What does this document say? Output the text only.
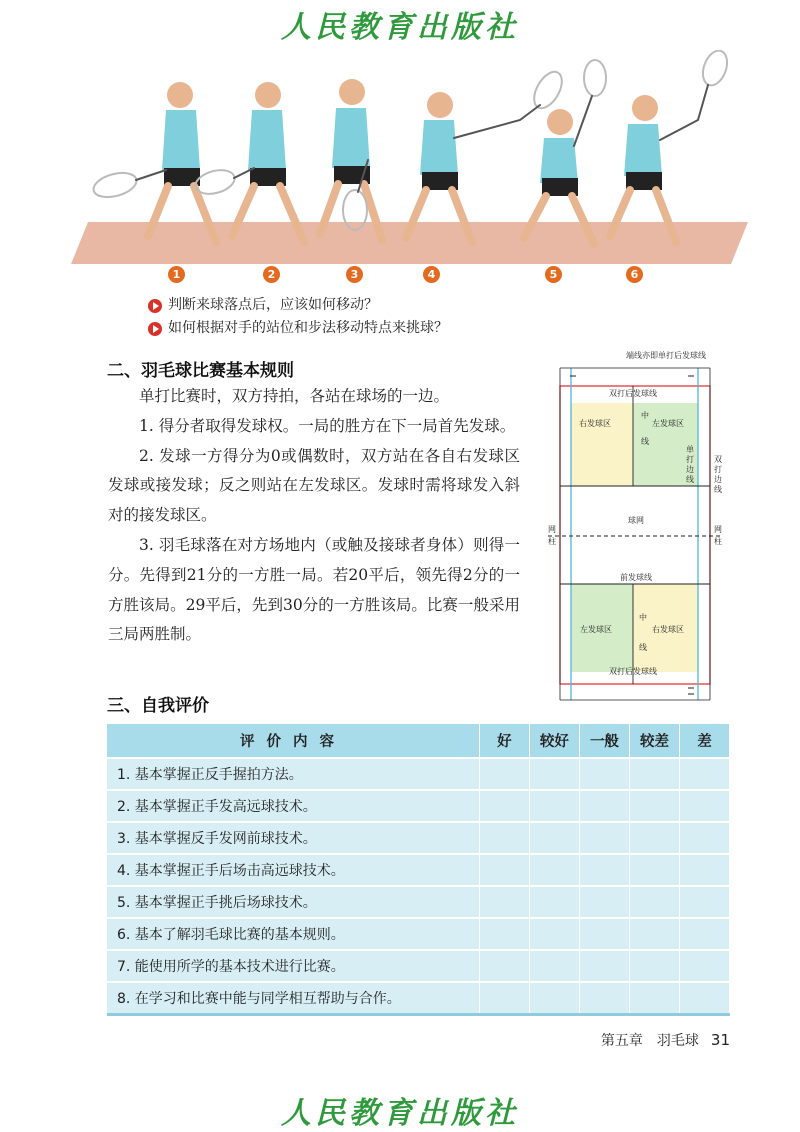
人民教育出版社
1	2	3	4	5	6
判断来球落点后，应该如何移动？
如何根据对手的站位和步法移动特点来挑球？
二、羽毛球比赛基本规则

单打比赛时，双方持拍，各站在球场的一边。

1. 得分者取得发球权。一局的胜方在下一局首先发球。

2. 发球一方得分为0或偶数时，双方站在各自右发球区发球或接发球；反之则站在左发球区。发球时需将球发入斜对的接发球区。

3. 羽毛球落在对方场地内（或触及接球者身体）则得一分。先得到21分的一方胜一局。若20平后，领先得2分的一方胜该局。29平后，先到30分的一方胜该局。比赛一般采用三局两胜制。

端线亦即单打后发球线
双打后发球线
右发球区	左发球区
中
线
单
打
边
线
双
打
边
线
球网
网
柱
网
柱
前发球线
左发球区	右发球区
中
线
双打后发球线
三、自我评价
评价内容	好	较好	一般	较差	差
1. 基本掌握正反手握拍方法。					
2. 基本掌握正手发高远球技术。					
3. 基本掌握反手发网前球技术。					
4. 基本掌握正手后场击高远球技术。					
5. 基本掌握正手挑后场球技术。					
6. 基本了解羽毛球比赛的基本规则。					
7. 能使用所学的基本技术进行比赛。					
8. 在学习和比赛中能与同学相互帮助与合作。					
第五章　羽毛球 31
人民教育出版社
